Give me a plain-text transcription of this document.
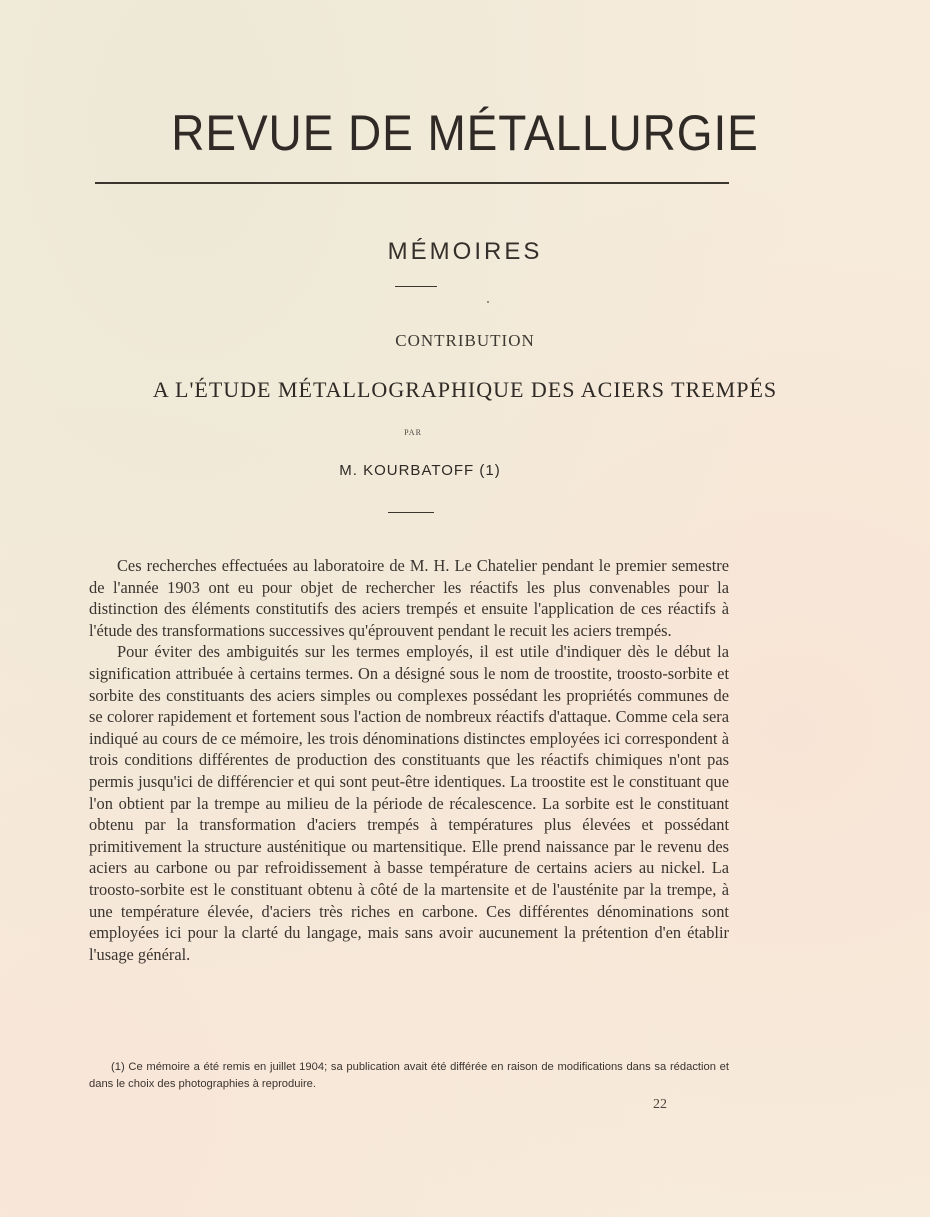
REVUE DE MÉTALLURGIE
MÉMOIRES
CONTRIBUTION
A L'ÉTUDE MÉTALLOGRAPHIQUE DES ACIERS TREMPÉS
PAR
M. KOURBATOFF (1)

Ces recherches effectuées au laboratoire de M. H. Le Chatelier pendant le premier semestre de l'année 1903 ont eu pour objet de rechercher les réactifs les plus convenables pour la distinction des éléments constitutifs des aciers trempés et ensuite l'application de ces réactifs à l'étude des transformations successives qu'éprouvent pendant le recuit les aciers trempés.

Pour éviter des ambiguités sur les termes employés, il est utile d'indiquer dès le début la signification attribuée à certains termes. On a désigné sous le nom de troostite, troosto-sorbite et sorbite des constituants des aciers simples ou complexes possédant les propriétés communes de se colorer rapidement et fortement sous l'action de nombreux réactifs d'attaque. Comme cela sera indiqué au cours de ce mémoire, les trois dénominations distinctes employées ici correspondent à trois conditions différentes de production des constituants que les réactifs chimiques n'ont pas permis jusqu'ici de différencier et qui sont peut-être identiques. La troostite est le constituant que l'on obtient par la trempe au milieu de la période de récalescence. La sorbite est le constituant obtenu par la transformation d'aciers trempés à températures plus élevées et possédant primitivement la structure austénitique ou martensitique. Elle prend naissance par le revenu des aciers au carbone ou par refroidissement à basse température de certains aciers au nickel. La troosto-sorbite est le constituant obtenu à côté de la martensite et de l'austénite par la trempe, à une température élevée, d'aciers très riches en carbone. Ces différentes dénominations sont employées ici pour la clarté du langage, mais sans avoir aucunement la prétention d'en établir l'usage général.

(1) Ce mémoire a été remis en juillet 1904; sa publication avait été différée en raison de modifications dans sa rédaction et dans le choix des photographies à reproduire.
22
